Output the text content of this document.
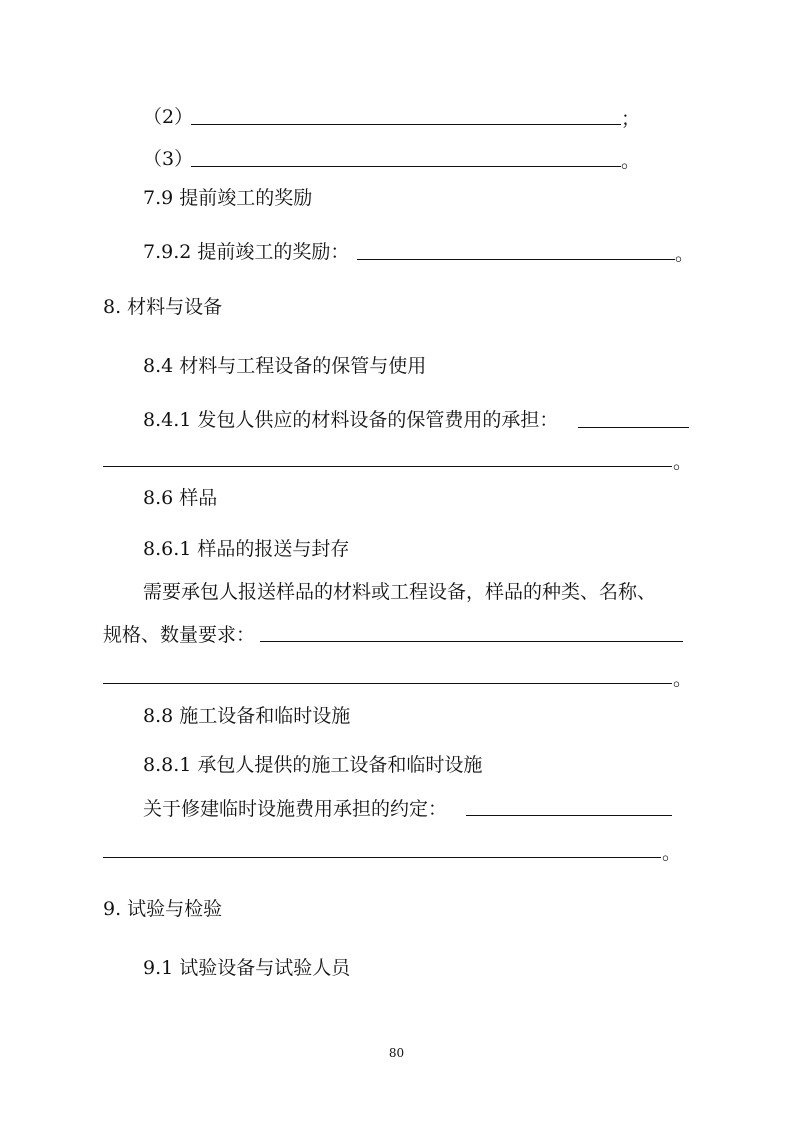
（2）	；
（3）	。
7.9 提前竣工的奖励
7.9.2 提前竣工的奖励：	。
8. 材料与设备
8.4 材料与工程设备的保管与使用
8.4.1 发包人供应的材料设备的保管费用的承担：
。
8.6 样品
8.6.1 样品的报送与封存
需要承包人报送样品的材料或工程设备，样品的种类、名称、
规格、数量要求：
。
8.8 施工设备和临时设施
8.8.1 承包人提供的施工设备和临时设施
关于修建临时设施费用承担的约定：
。
9. 试验与检验
9.1 试验设备与试验人员
80
